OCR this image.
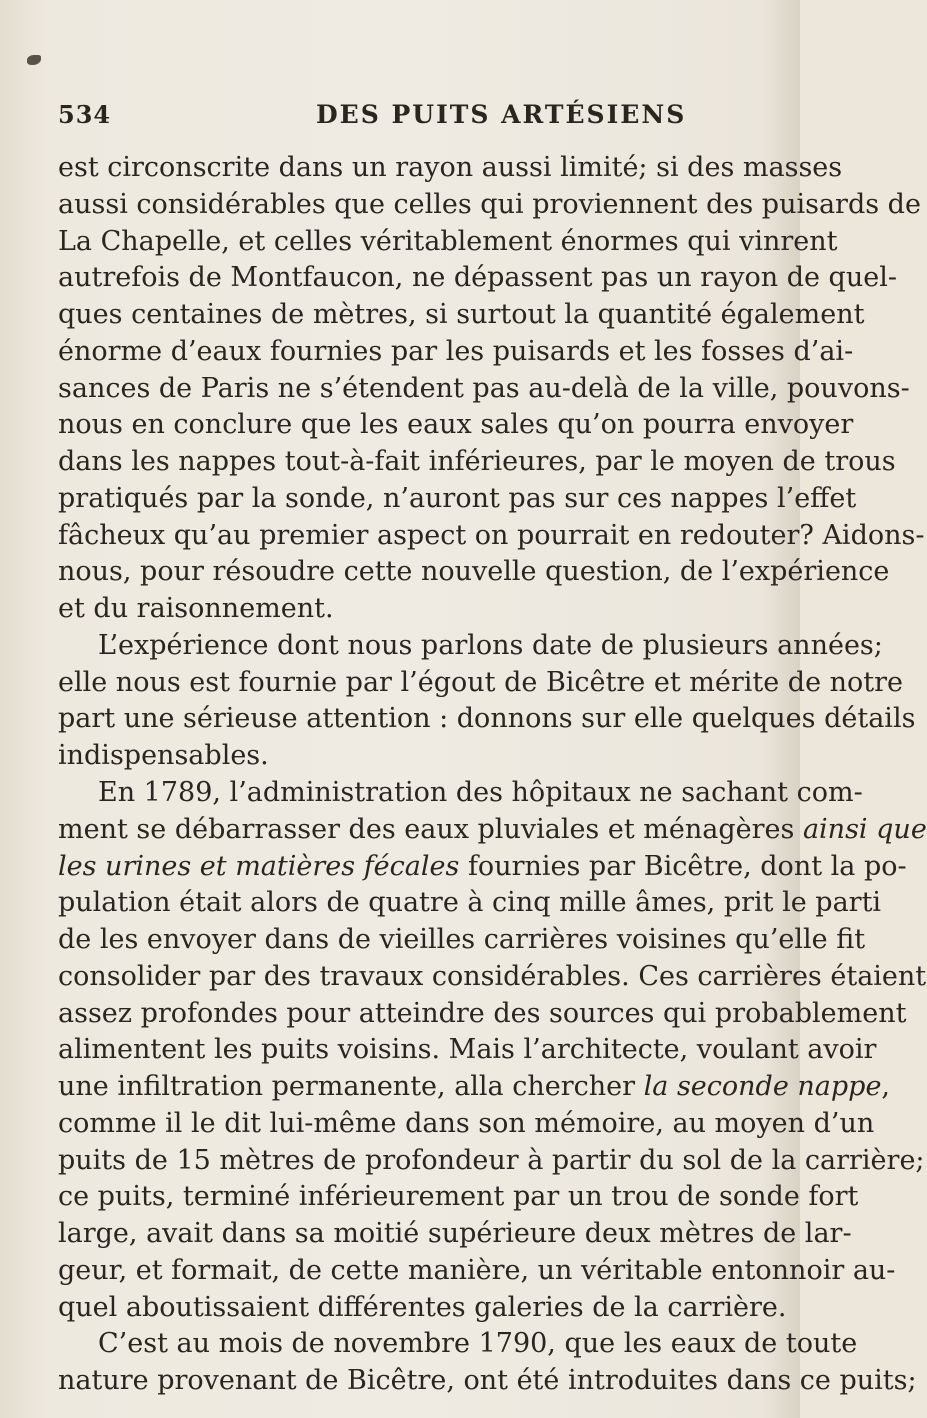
534	DES PUITS ARTÉSIENS
est circonscrite dans un rayon aussi limité; si des masses
aussi considérables que celles qui proviennent des puisards de
La Chapelle, et celles véritablement énormes qui vinrent
autrefois de Montfaucon, ne dépassent pas un rayon de quel-
ques centaines de mètres, si surtout la quantité également
énorme d’eaux fournies par les puisards et les fosses d’ai-
sances de Paris ne s’étendent pas au-delà de la ville, pouvons-
nous en conclure que les eaux sales qu’on pourra envoyer
dans les nappes tout-à-fait inférieures, par le moyen de trous
pratiqués par la sonde, n’auront pas sur ces nappes l’effet
fâcheux qu’au premier aspect on pourrait en redouter? Aidons-
nous, pour résoudre cette nouvelle question, de l’expérience
et du raisonnement.
L’expérience dont nous parlons date de plusieurs années;
elle nous est fournie par l’égout de Bicêtre et mérite de notre
part une sérieuse attention : donnons sur elle quelques détails
indispensables.
En 1789, l’administration des hôpitaux ne sachant com-
ment se débarrasser des eaux pluviales et ménagères ainsi que
les urines et matières fécales fournies par Bicêtre, dont la po-
pulation était alors de quatre à cinq mille âmes, prit le parti
de les envoyer dans de vieilles carrières voisines qu’elle fit
consolider par des travaux considérables. Ces carrières étaient
assez profondes pour atteindre des sources qui probablement
alimentent les puits voisins. Mais l’architecte, voulant avoir
une infiltration permanente, alla chercher la seconde nappe,
comme il le dit lui-même dans son mémoire, au moyen d’un
puits de 15 mètres de profondeur à partir du sol de la carrière;
ce puits, terminé inférieurement par un trou de sonde fort
large, avait dans sa moitié supérieure deux mètres de lar-
geur, et formait, de cette manière, un véritable entonnoir au-
quel aboutissaient différentes galeries de la carrière.
C’est au mois de novembre 1790, que les eaux de toute
nature provenant de Bicêtre, ont été introduites dans ce puits;
